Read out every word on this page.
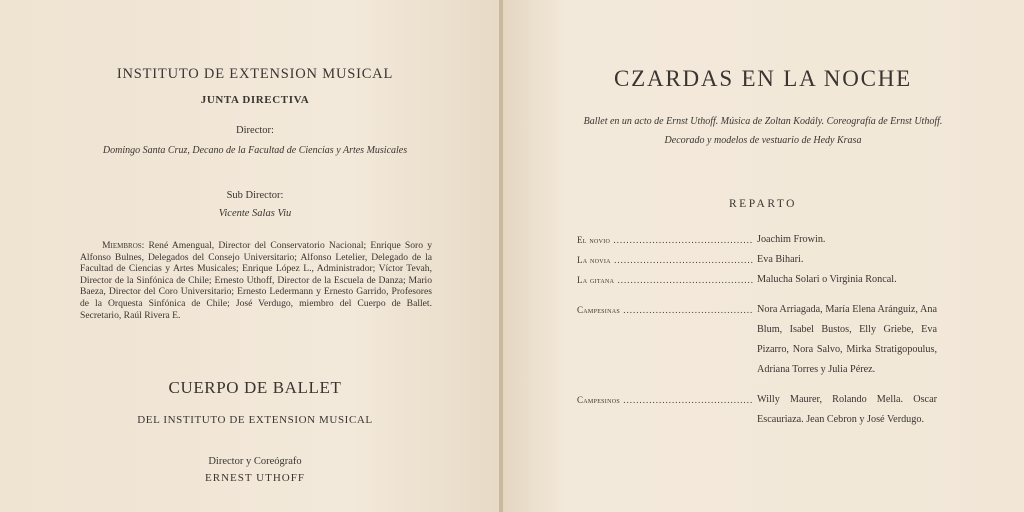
INSTITUTO DE EXTENSION MUSICAL
JUNTA DIRECTIVA
Director:
Domingo Santa Cruz, Decano de la Facultad de Ciencias y Artes Musicales
Sub Director:
Vicente Salas Viu
Miembros: René Amengual, Director del Conservatorio Nacional; Enrique Soro y Alfonso Bulnes, Delegados del Consejo Universitario; Alfonso Letelier, Delegado de la Facultad de Ciencias y Artes Musicales; Enrique López L., Administrador; Víctor Tevah, Director de la Sinfónica de Chile; Ernesto Uthoff, Director de la Escuela de Danza; Mario Baeza, Director del Coro Universitario; Ernesto Ledermann y Ernesto Garrido, Profesores de la Orquesta Sinfónica de Chile; José Verdugo, miembro del Cuerpo de Ballet. Secretario, Raúl Rivera E.
CUERPO DE BALLET
DEL INSTITUTO DE EXTENSION MUSICAL
Director y Coreógrafo
ERNEST UTHOFF
CZARDAS EN LA NOCHE
Ballet en un acto de Ernst Uthoff. Música de Zoltan Kodály. Coreografía de Ernst Uthoff. Decorado y modelos de vestuario de Hedy Krasa
REPARTO
El novio .....	Joachim Frowin.
La novia .....	Eva Bihari.
La gitana .....	Malucha Solari o Virginia Roncal.
Campesinas .....	Nora Arriagada, María Elena Aránguiz, Ana Blum, Isabel Bustos, Elly Griebe, Eva Pizarro, Nora Salvo, Mirka Stratigopoulus, Adriana Torres y Julia Pérez.
Campesinos .....	Willy Maurer, Rolando Mella. Oscar Escauriaza. Jean Cebron y José Verdugo.
